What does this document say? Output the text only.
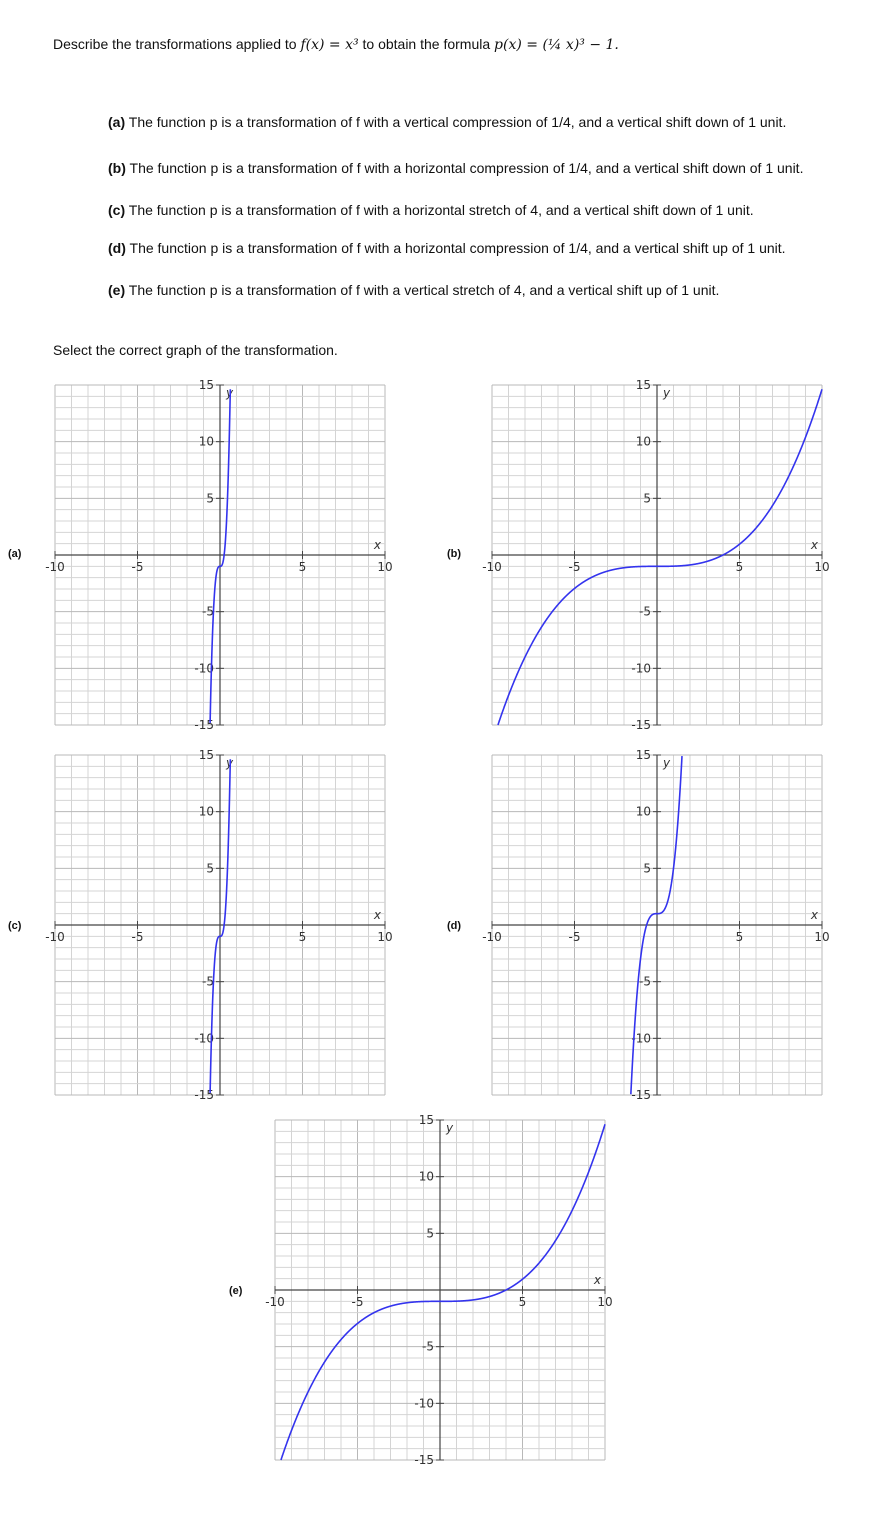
Describe the transformations applied to f(x) = x³ to obtain the formula p(x) = (¼ x)³ − 1.
(a) The function p is a transformation of f with a vertical compression of 1/4, and a vertical shift down of 1 unit.
(b) The function p is a transformation of f with a horizontal compression of 1/4, and a vertical shift down of 1 unit.
(c) The function p is a transformation of f with a horizontal stretch of 4, and a vertical shift down of 1 unit.
(d) The function p is a transformation of f with a horizontal compression of 1/4, and a vertical shift up of 1 unit.
(e) The function p is a transformation of f with a vertical stretch of 4, and a vertical shift up of 1 unit.
Select the correct graph of the transformation.
(a)	(b)
(c)	(d)
(e)
-10	-5	5	10
15
10
5
-5
-10
-15
x
y
-10	-5	5	10
15
10
5
-5
-10
-15
x
y
-10	-5	5	10
15
10
5
-5
-10
-15
x
y
-10	-5	5	10
15
10
5
-5
-10
-15
x
y
-10	-5	5	10
15
10
5
-5
-10
-15
x
y
